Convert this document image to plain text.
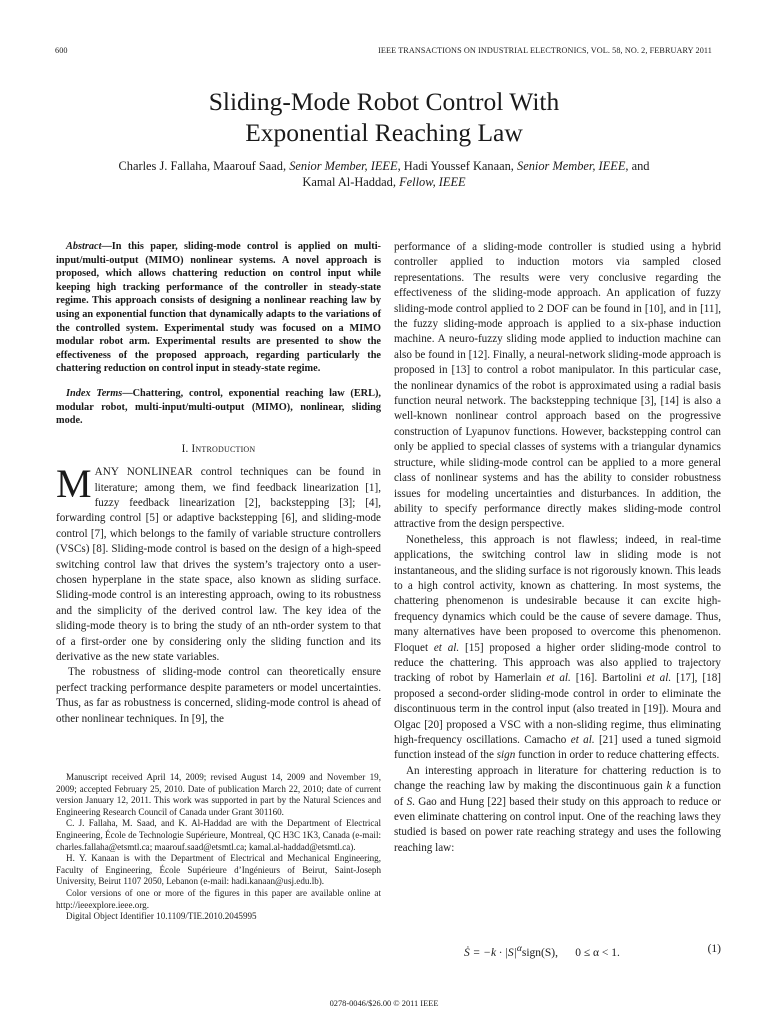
600	IEEE TRANSACTIONS ON INDUSTRIAL ELECTRONICS, VOL. 58, NO. 2, FEBRUARY 2011
Sliding-Mode Robot Control With
Exponential Reaching Law
Charles J. Fallaha, Maarouf Saad, Senior Member, IEEE, Hadi Youssef Kanaan, Senior Member, IEEE, and
Kamal Al-Haddad, Fellow, IEEE

Abstract—In this paper, sliding-mode control is applied on multi-input/multi-output (MIMO) nonlinear systems. A novel approach is proposed, which allows chattering reduction on control input while keeping high tracking performance of the controller in steady-state regime. This approach consists of designing a nonlinear reaching law by using an exponential function that dynamically adapts to the variations of the controlled system. Experimental study was focused on a MIMO modular robot arm. Experimental results are presented to show the effectiveness of the proposed approach, regarding particularly the chattering reduction on control input in steady-state regime.

Index Terms—Chattering, control, exponential reaching law (ERL), modular robot, multi-input/multi-output (MIMO), nonlinear, sliding mode.

I. Introduction

MANY NONLINEAR control techniques can be found in literature; among them, we find feedback linearization [1], fuzzy feedback linearization [2], backstepping [3]; [4], forwarding control [5] or adaptive backstepping [6], and sliding-mode control [7], which belongs to the family of variable structure controllers (VSCs) [8]. Sliding-mode control is based on the design of a high-speed switching control law that drives the system’s trajectory onto a user-chosen hyperplane in the state space, also known as sliding surface. Sliding-mode control is an interesting approach, owing to its robustness and the simplicity of the derived control law. The key idea of the sliding-mode theory is to bring the study of an nth-order system to that of a first-order one by considering only the sliding function and its derivative as the new state variables.

The robustness of sliding-mode control can theoretically ensure perfect tracking performance despite parameters or model uncertainties. Thus, as far as robustness is concerned, sliding-mode control is ahead of other nonlinear techniques. In [9], the

Manuscript received April 14, 2009; revised August 14, 2009 and November 19, 2009; accepted February 25, 2010. Date of publication March 22, 2010; date of current version January 12, 2011. This work was supported in part by the Natural Sciences and Engineering Research Council of Canada under Grant 301160.

C. J. Fallaha, M. Saad, and K. Al-Haddad are with the Department of Electrical Engineering, École de Technologie Supérieure, Montreal, QC H3C 1K3, Canada (e-mail: charles.fallaha@etsmtl.ca; maarouf.saad@etsmtl.ca; kamal.al-haddad@etsmtl.ca).

H. Y. Kanaan is with the Department of Electrical and Mechanical Engineering, Faculty of Engineering, École Supérieure d’Ingénieurs of Beirut, Saint-Joseph University, Beirut 1107 2050, Lebanon (e-mail: hadi.kanaan@usj.edu.lb).

Color versions of one or more of the figures in this paper are available online at http://ieeexplore.ieee.org.

Digital Object Identifier 10.1109/TIE.2010.2045995

performance of a sliding-mode controller is studied using a hybrid controller applied to induction motors via sampled closed representations. The results were very conclusive regarding the effectiveness of the sliding-mode approach. An application of fuzzy sliding-mode control applied to 2 DOF can be found in [10], and in [11], the fuzzy sliding-mode approach is applied to a six-phase induction machine. A neuro-fuzzy sliding mode applied to induction machine can also be found in [12]. Finally, a neural-network sliding-mode approach is proposed in [13] to control a robot manipulator. In this particular case, the nonlinear dynamics of the robot is approximated using a radial basis function neural network. The backstepping technique [3], [14] is also a well-known nonlinear control approach based on the progressive construction of Lyapunov functions. However, backstepping control can only be applied to special classes of systems with a triangular dynamics structure, while sliding-mode control can be applied to a more general class of nonlinear systems and has the ability to consider robustness issues for modeling uncertainties and disturbances. In addition, the ability to specify performance directly makes sliding-mode control attractive from the design perspective.

Nonetheless, this approach is not flawless; indeed, in real-time applications, the switching control law in sliding mode is not instantaneous, and the sliding surface is not rigorously known. This leads to a high control activity, known as chattering. In most systems, the chattering phenomenon is undesirable because it can excite high-frequency dynamics which could be the cause of severe damage. Thus, many alternatives have been proposed to overcome this phenomenon. Floquet et al. [15] proposed a higher order sliding-mode control to reduce the chattering. This approach was also applied to trajectory tracking of robot by Hamerlain et al. [16]. Bartolini et al. [17], [18] proposed a second-order sliding-mode control in order to eliminate the discontinuous term in the control input (also treated in [19]). Moura and Olgac [20] proposed a VSC with a non-sliding regime, thus eliminating high-frequency oscillations. Camacho et al. [21] used a tuned sigmoid function instead of the sign function in order to reduce chattering effects.

An interesting approach in literature for chattering reduction is to change the reaching law by making the discontinuous gain k a function of S. Gao and Hung [22] based their study on this approach to reduce or even eliminate chattering on control input. One of the reaching laws they studied is based on power rate reaching strategy and uses the following reaching law:

Ṡ = $-k \cdot |S|^\alpha sign(S)$, 0 ≤ α < 1.	(1)
0278-0046/$26.00 © 2011 IEEE
